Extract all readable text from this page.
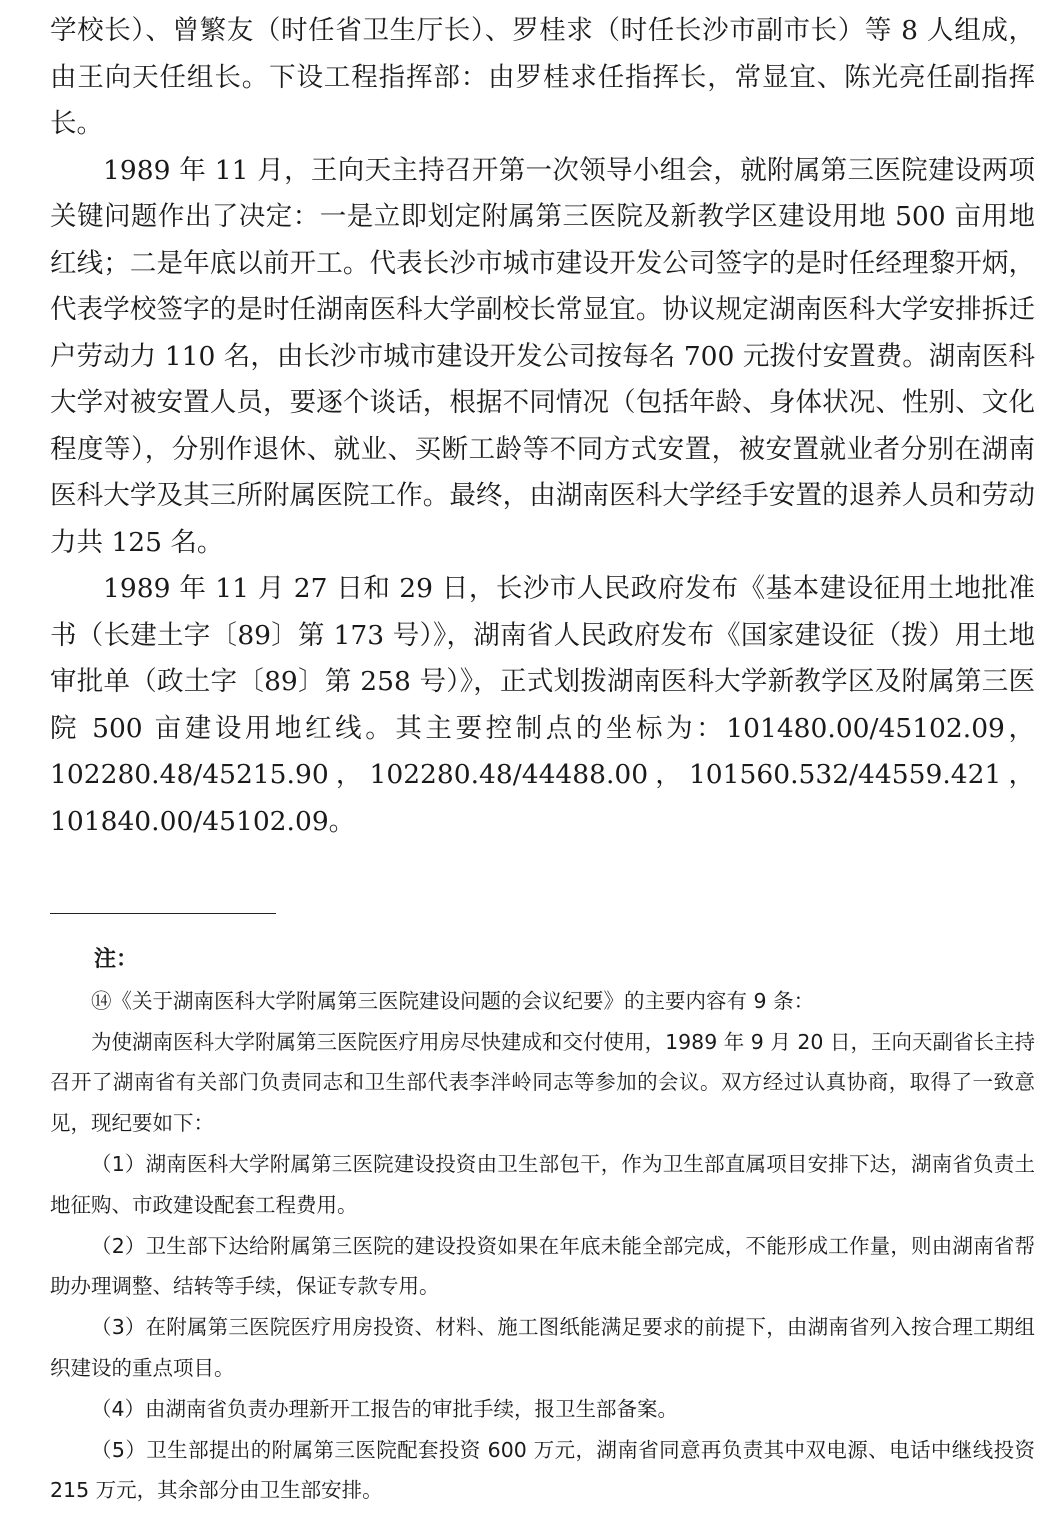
学校长）、曾繁友（时任省卫生厅长）、罗桂求（时任长沙市副市长）等 8 人组成，由王向天任组长。下设工程指挥部：由罗桂求任指挥长，常显宜、陈光亮任副指挥长。

1989 年 11 月，王向天主持召开第一次领导小组会，就附属第三医院建设两项关键问题作出了决定：一是立即划定附属第三医院及新教学区建设用地 500 亩用地红线；二是年底以前开工。代表长沙市城市建设开发公司签字的是时任经理黎开炳，代表学校签字的是时任湖南医科大学副校长常显宜。协议规定湖南医科大学安排拆迁户劳动力 110 名，由长沙市城市建设开发公司按每名 700 元拨付安置费。湖南医科大学对被安置人员，要逐个谈话，根据不同情况（包括年龄、身体状况、性别、文化程度等），分别作退休、就业、买断工龄等不同方式安置，被安置就业者分别在湖南医科大学及其三所附属医院工作。最终，由湖南医科大学经手安置的退养人员和劳动力共 125 名。

1989 年 11 月 27 日和 29 日，长沙市人民政府发布《基本建设征用土地批准书（长建土字〔89〕第 173 号）》，湖南省人民政府发布《国家建设征（拨）用土地审批单（政土字〔89〕第 258 号）》，正式划拨湖南医科大学新教学区及附属第三医院 500 亩建设用地红线。其主要控制点的坐标为：101480.00/45102.09，102280.48/45215.90，102280.48/44488.00，101560.532/44559.421，101840.00/45102.09。

注：

⑭《关于湖南医科大学附属第三医院建设问题的会议纪要》的主要内容有 9 条：

为使湖南医科大学附属第三医院医疗用房尽快建成和交付使用，1989 年 9 月 20 日，王向天副省长主持召开了湖南省有关部门负责同志和卫生部代表李泮岭同志等参加的会议。双方经过认真协商，取得了一致意见，现纪要如下：

（1）湖南医科大学附属第三医院建设投资由卫生部包干，作为卫生部直属项目安排下达，湖南省负责土地征购、市政建设配套工程费用。

（2）卫生部下达给附属第三医院的建设投资如果在年底未能全部完成，不能形成工作量，则由湖南省帮助办理调整、结转等手续，保证专款专用。

（3）在附属第三医院医疗用房投资、材料、施工图纸能满足要求的前提下，由湖南省列入按合理工期组织建设的重点项目。

（4）由湖南省负责办理新开工报告的审批手续，报卫生部备案。

（5）卫生部提出的附属第三医院配套投资 600 万元，湖南省同意再负责其中双电源、电话中继线投资 215 万元，其余部分由卫生部安排。
